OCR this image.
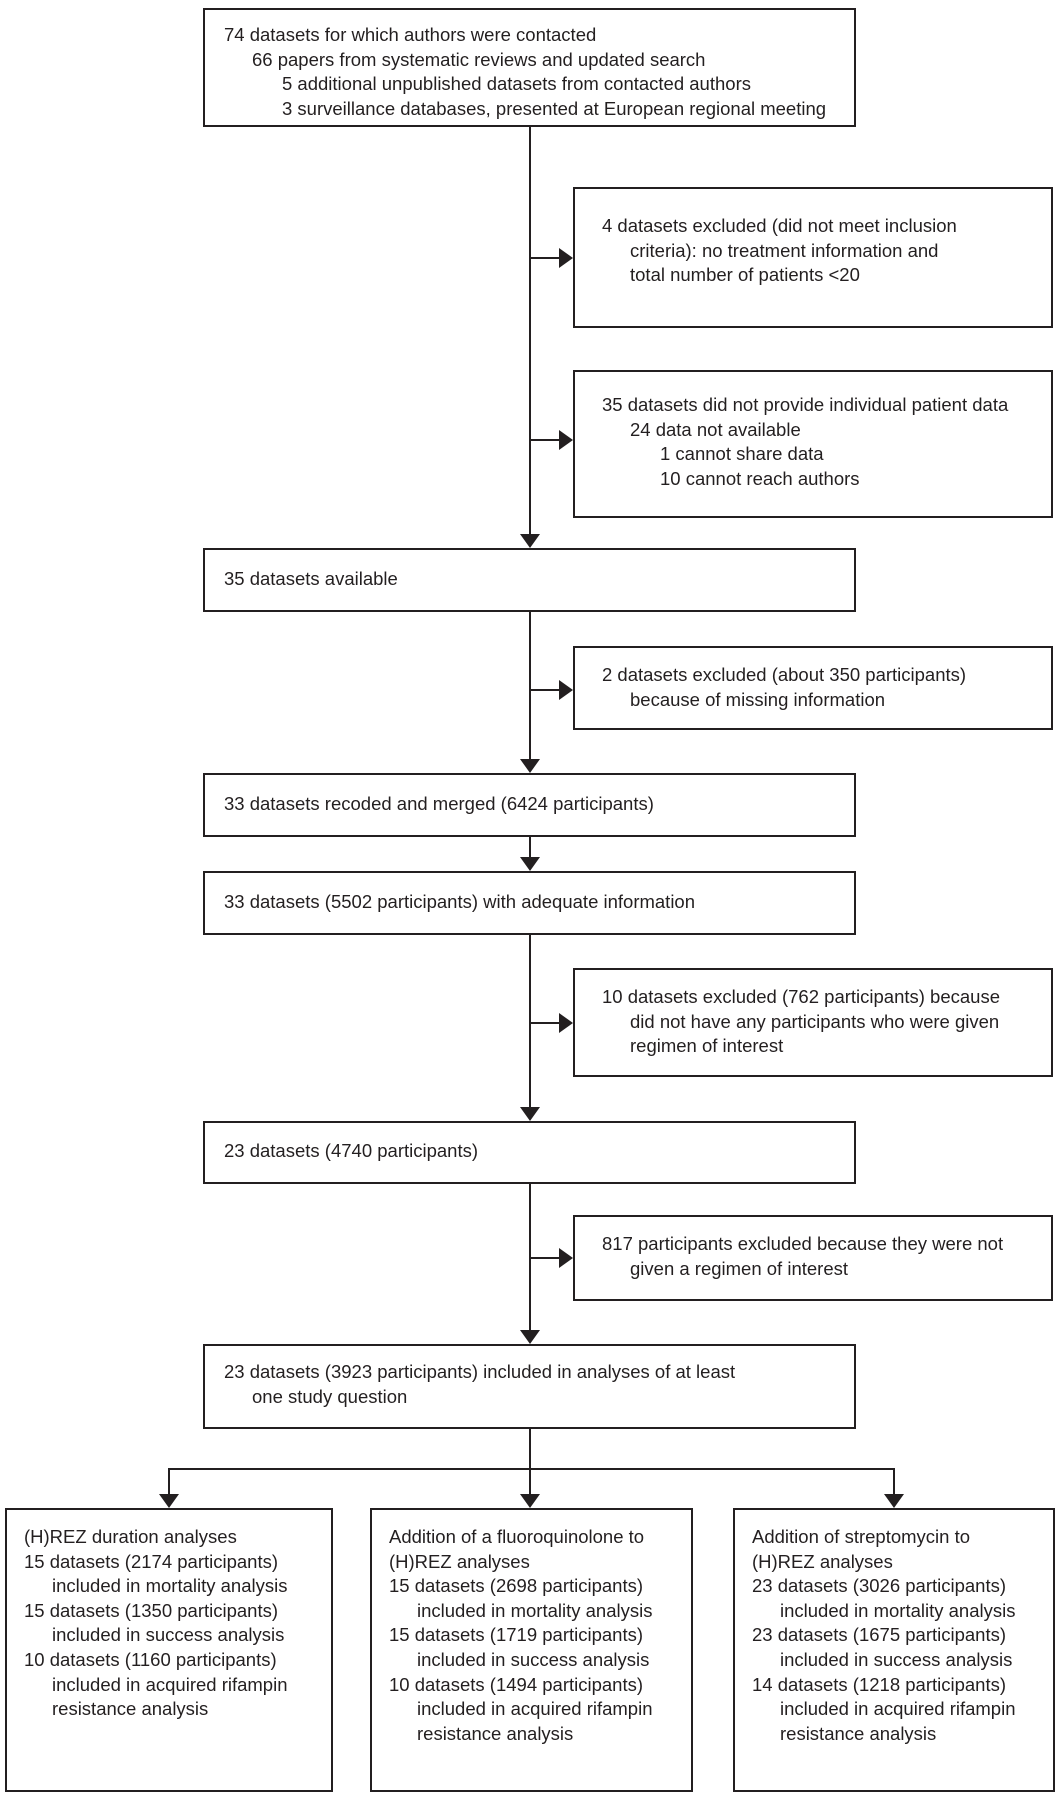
74 datasets for which authors were contacted
66 papers from systematic reviews and updated search
5 additional unpublished datasets from contacted authors
3 surveillance databases, presented at European regional meeting
4 datasets excluded (did not meet inclusion
criteria): no treatment information and
total number of patients <20
35 datasets did not provide individual patient data
24 data not available
1 cannot share data
10 cannot reach authors
35 datasets available
2 datasets excluded (about 350 participants)
because of missing information
33 datasets recoded and merged (6424 participants)
33 datasets (5502 participants) with adequate information
10 datasets excluded (762 participants) because
did not have any participants who were given
regimen of interest
23 datasets (4740 participants)
817 participants excluded because they were not
given a regimen of interest
23 datasets (3923 participants) included in analyses of at least
one study question
(H)REZ duration analyses
15 datasets (2174 participants)
included in mortality analysis
15 datasets (1350 participants)
included in success analysis
10 datasets (1160 participants)
included in acquired rifampin
resistance analysis
Addition of a fluoroquinolone to
(H)REZ analyses
15 datasets (2698 participants)
included in mortality analysis
15 datasets (1719 participants)
included in success analysis
10 datasets (1494 participants)
included in acquired rifampin
resistance analysis
Addition of streptomycin to
(H)REZ analyses
23 datasets (3026 participants)
included in mortality analysis
23 datasets (1675 participants)
included in success analysis
14 datasets (1218 participants)
included in acquired rifampin
resistance analysis
